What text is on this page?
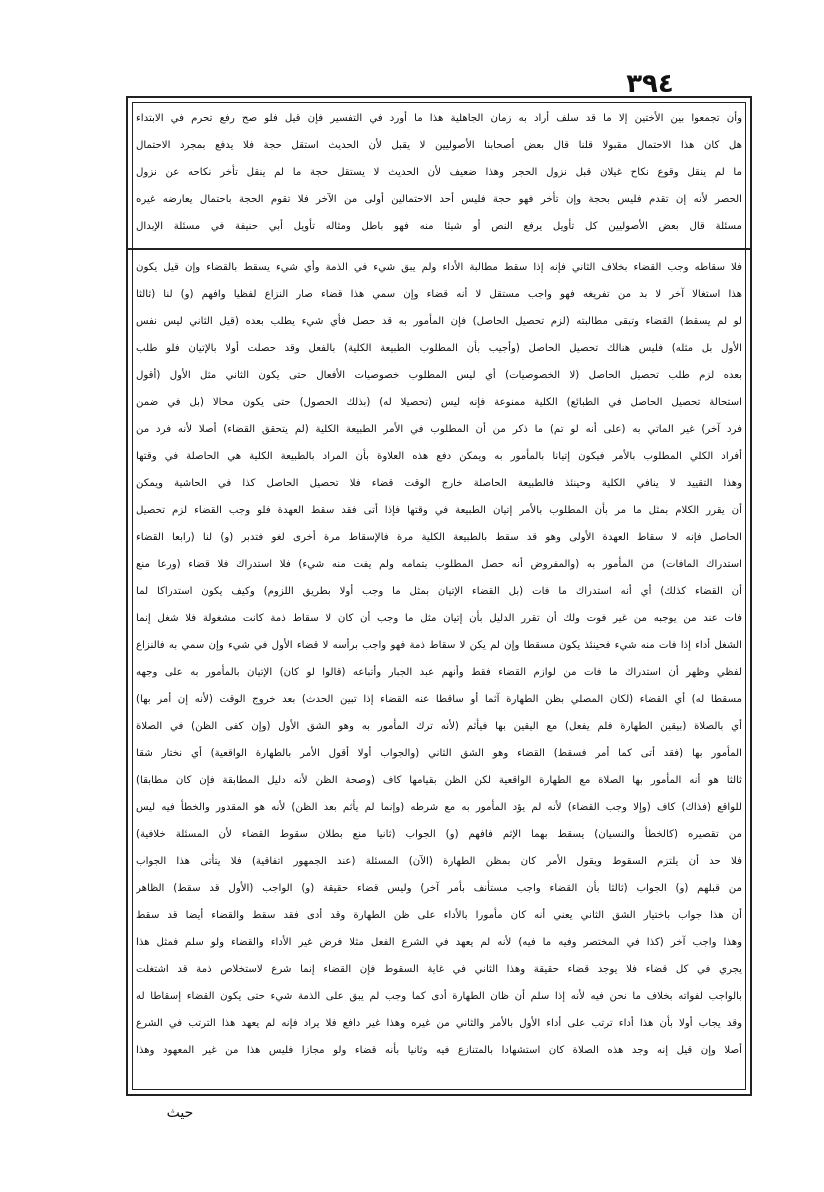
٣٩٤
وأن تجمعوا بين الأختين إلا ما قد سلف أراد به زمان الجاهلية هذا ما أورد في التفسير فإن قيل فلو صح رفع تحرم في الابتداء
هل كان هذا الاحتمال مقبولا قلنا قال بعض أصحابنا الأصوليين لا يقبل لأن الحديث استقل حجة فلا يدفع بمجرد الاحتمال
ما لم ينقل وقوع نكاح غيلان قبل نزول الحجر وهذا ضعيف لأن الحديث لا يستقل حجة ما لم ينقل تأخر نكاحه عن نزول
الحصر لأنه إن تقدم فليس بحجة وإن تأخر فهو حجة فليس أحد الاحتمالين أولى من الآخر فلا تقوم الحجة باحتمال يعارضه غيره
مسئلة قال بعض الأصوليين كل تأويل يرفع النص أو شيئا منه فهو باطل ومثاله تأويل أبي حنيفة في مسئلة الإبدال
فلا سقاطه وجب القضاء بخلاف الثاني فإنه إذا سقط مطالبة الأداء ولم يبق شيء في الذمة وأي شيء يسقط بالقضاء وإن قيل يكون
هذا استغالا آخر لا بد من تفريغه فهو واجب مستقل لا أنه قضاء وإن سمي هذا قضاء صار النزاع لفظيا وافهم (و) لنا (ثالثا
لو لم يسقط) القضاء وتبقى مطالبته (لزم تحصيل الحاصل) فإن المأمور به قد حصل فأي شيء يطلب بعده (قيل الثاني ليس نفس
الأول بل مثله) فليس هنالك تحصيل الحاصل (وأجيب بأن المطلوب الطبيعة الكلية) بالفعل وقد حصلت أولا بالإتيان فلو طلب
بعده لزم طلب تحصيل الحاصل (لا الخصوصيات) أي ليس المطلوب خصوصيات الأفعال حتى يكون الثاني مثل الأول (أقول
استحالة تحصيل الحاصل في الطبائع) الكلية ممنوعة فإنه ليس (تحصيلا له) (بذلك الحصول) حتى يكون محالا (بل في ضمن
فرد آخر) غير الماتي به (على أنه لو تم) ما ذكر من أن المطلوب في الأمر الطبيعة الكلية (لم يتحقق القضاء) أصلا لأنه فرد من
أفراد الكلي المطلوب بالأمر فيكون إتيانا بالمأمور به ويمكن دفع هذه العلاوة بأن المراد بالطبيعة الكلية هي الحاصلة في وقتها
وهذا التقييد لا ينافي الكلية وحينئذ فالطبيعة الحاصلة خارج الوقت قضاء فلا تحصيل الحاصل كذا في الحاشية ويمكن
أن يقرر الكلام بمثل ما مر بأن المطلوب بالأمر إتيان الطبيعة في وقتها فإذا أتى فقد سقط العهدة فلو وجب القضاء لزم تحصيل
الحاصل فإنه لا سقاط العهدة الأولى وهو قد سقط بالطبيعة الكلية مرة فالإسقاط مرة أخرى لغو فتدبر (و) لنا (رابعا القضاء
استدراك المافات) من المأمور به (والمفروض أنه حصل المطلوب بتمامه ولم يفت منه شيء) فلا استدراك فلا قضاء (ورعا منع
أن القضاء كذلك) أي أنه استدراك ما فات (بل القضاء الإتيان بمثل ما وجب أولا بطريق اللزوم) وكيف يكون استدراكا لما
فات عند من يوجبه من غير فوت ولك أن تقرر الدليل بأن إتيان مثل ما وجب أن كان لا سقاط ذمة كانت مشغولة فلا شغل إنما
الشغل أداء إذا فات منه شيء فحينئذ يكون مسقطا وإن لم يكن لا سقاط ذمة فهو واجب برأسه لا قضاء الأول في شيء وإن سمي به فالنزاع
لفظي وظهر أن استدراك ما فات من لوازم القضاء فقط وأنهم عبد الجبار وأتباعه (قالوا لو كان) الإتيان بالمأمور به على وجهه
مسقطا له) أي القضاء (لكان المصلي بظن الطهارة آثما أو ساقطا عنه القضاء إذا تبين الحدث) بعد خروج الوقت (لأنه إن أمر بها)
أي بالصلاة (بيقين الطهارة فلم يفعل) مع اليقين بها فيأثم (لأنه ترك المأمور به وهو الشق الأول (وإن كفى الظن) في الصلاة
المأمور بها (فقد أتى كما أمر فسقط) القضاء وهو الشق الثاني (والجواب أولا أقول الأمر بالطهارة الواقعية) أي نختار شقا
ثالثا هو أنه المأمور بها الصلاة مع الطهارة الواقعية لكن الظن بقيامها كاف (وصحة الظن لأنه دليل المطابقة فإن كان مطابقا)
للواقع (فذاك) كاف (وإلا وجب القضاء) لأنه لم يؤد المأمور به مع شرطه (وإنما لم يأثم بعد الظن) لأنه هو المقدور والخطأ فيه ليس
من تقصيره (كالخطأ والنسيان) يسقط بهما الإثم فافهم (و) الجواب (ثانيا منع بطلان سقوط القضاء لأن المسئلة خلافية)
فلا حد أن يلتزم السقوط ويقول الأمر كان بمظن الطهارة (الآن) المسئلة (عند الجمهور اتفاقية) فلا يتأتى هذا الجواب
من قبلهم (و) الجواب (ثالثا بأن القضاء واجب مستأنف بأمر آخر) وليس قضاء حقيقة (و) الواجب (الأول قد سقط) الظاهر
أن هذا جواب باختيار الشق الثاني يعني أنه كان مأمورا بالأداء على ظن الطهارة وقد أدى فقد سقط والقضاء أيضا قد سقط
وهذا واجب آخر (كذا في المختصر وفيه ما فيه) لأنه لم يعهد في الشرع الفعل مثلا فرض غير الأداء والقضاء ولو سلم فمثل هذا
يجري في كل قضاء فلا يوجد قضاء حقيقة وهذا الثاني في غاية السقوط فإن القضاء إنما شرع لاستخلاص ذمة قد اشتغلت
بالواجب لفواته بخلاف ما نحن فيه لأنه إذا سلم أن ظان الطهارة أدى كما وجب لم يبق على الذمة شيء حتى يكون القضاء إسقاطا له
وقد يجاب أولا بأن هذا أداء ترتب على أداء الأول بالأمر والثاني من غيره وهذا غير دافع فلا يراد فإنه لم يعهد هذا الترتب في الشرع
أصلا وإن قيل إنه وجد هذه الصلاة كان استشهادا بالمتنازع فيه وثانيا بأنه قضاء ولو مجازا فليس هذا من غير المعهود وهذا
حيث
